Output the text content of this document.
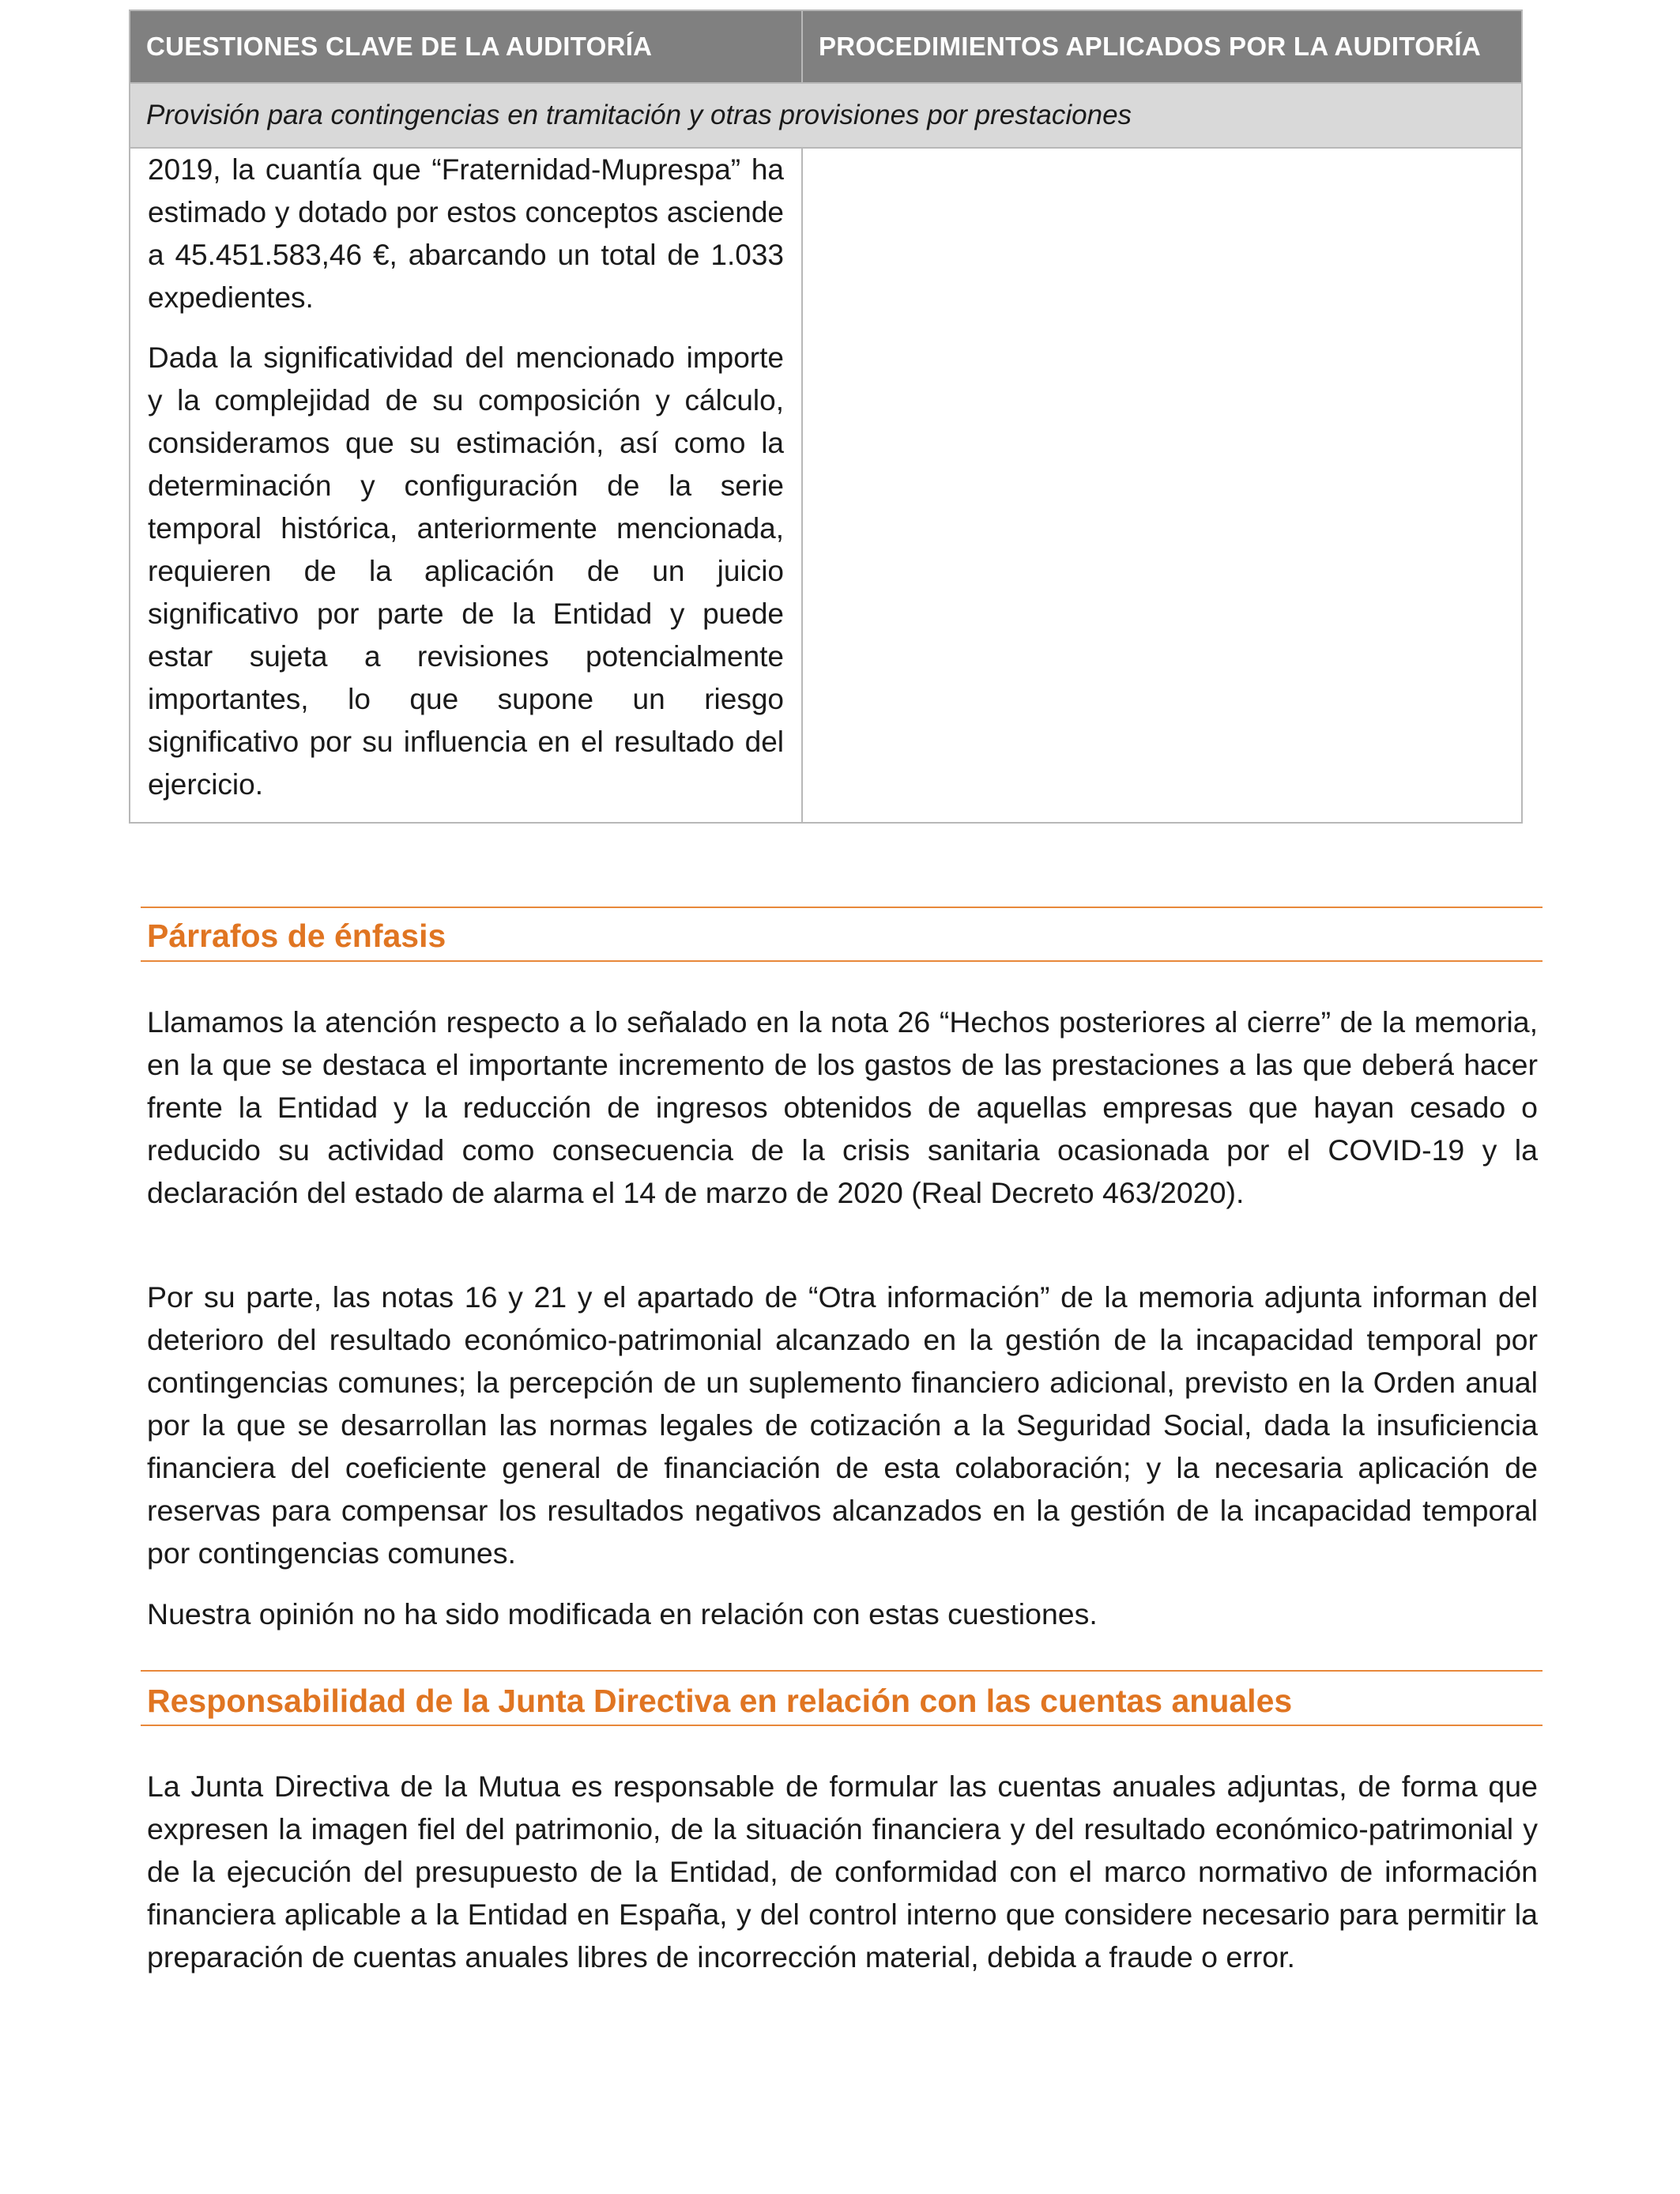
CUESTIONES CLAVE DE LA AUDITORÍA	PROCEDIMIENTOS APLICADOS POR LA AUDITORÍA
Provisión para contingencias en tramitación y otras provisiones por prestaciones	

2019, la cuantía que “Fraternidad-Muprespa” ha estimado y dotado por estos conceptos asciende a 45.451.583,46 €, abarcando un total de 1.033 expedientes.

Dada la significatividad del mencionado importe y la complejidad de su composición y cálculo, consideramos que su estimación, así como la determinación y configuración de la serie temporal histórica, anteriormente mencionada, requieren de la aplicación de un juicio significativo por parte de la Entidad y puede estar sujeta a revisiones potencialmente importantes, lo que supone un riesgo significativo por su influencia en el resultado del ejercicio.	

Párrafos de énfasis

Llamamos la atención respecto a lo señalado en la nota 26 “Hechos posteriores al cierre” de la memoria, en la que se destaca el importante incremento de los gastos de las prestaciones a las que deberá hacer frente la Entidad y la reducción de ingresos obtenidos de aquellas empresas que hayan cesado o reducido su actividad como consecuencia de la crisis sanitaria ocasionada por el COVID-19 y la declaración del estado de alarma el 14 de marzo de 2020 (Real Decreto 463/2020).

Por su parte, las notas 16 y 21 y el apartado de “Otra información” de la memoria adjunta informan del deterioro del resultado económico-patrimonial alcanzado en la gestión de la incapacidad temporal por contingencias comunes; la percepción de un suplemento financiero adicional, previsto en la Orden anual por la que se desarrollan las normas legales de cotización a la Seguridad Social, dada la insuficiencia financiera del coeficiente general de financiación de esta colaboración; y la necesaria aplicación de reservas para compensar los resultados negativos alcanzados en la gestión de la incapacidad temporal por contingencias comunes.

Nuestra opinión no ha sido modificada en relación con estas cuestiones.

Responsabilidad de la Junta Directiva en relación con las cuentas anuales

La Junta Directiva de la Mutua es responsable de formular las cuentas anuales adjuntas, de forma que expresen la imagen fiel del patrimonio, de la situación financiera y del resultado económico-patrimonial y de la ejecución del presupuesto de la Entidad, de conformidad con el marco normativo de información financiera aplicable a la Entidad en España, y del control interno que considere necesario para permitir la preparación de cuentas anuales libres de incorrección material, debida a fraude o error.
